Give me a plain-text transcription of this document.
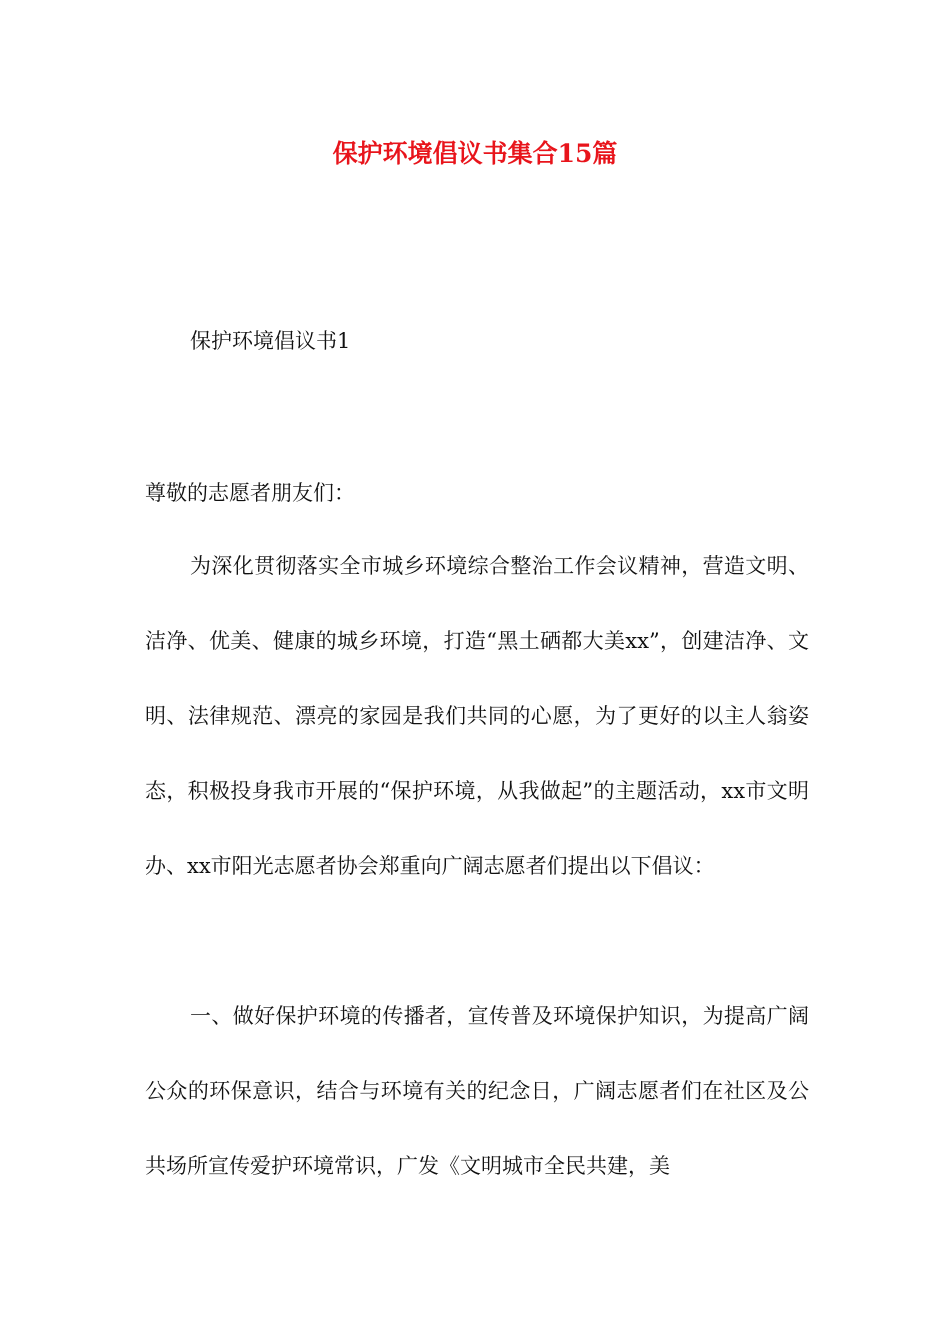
保护环境倡议书集合15篇
保护环境倡议书1
尊敬的志愿者朋友们：

为深化贯彻落实全市城乡环境综合整治工作会议精神，营造文明、洁净、优美、健康的城乡环境，打造“黑土硒都大美xx”，创建洁净、文明、法律规范、漂亮的家园是我们共同的心愿，为了更好的以主人翁姿态，积极投身我市开展的“保护环境，从我做起”的主题活动，xx市文明办、xx市阳光志愿者协会郑重向广阔志愿者们提出以下倡议：

一、做好保护环境的传播者，宣传普及环境保护知识，为提高广阔公众的环保意识，结合与环境有关的纪念日，广阔志愿者们在社区及公共场所宣传爱护环境常识，广发《文明城市全民共建，美
